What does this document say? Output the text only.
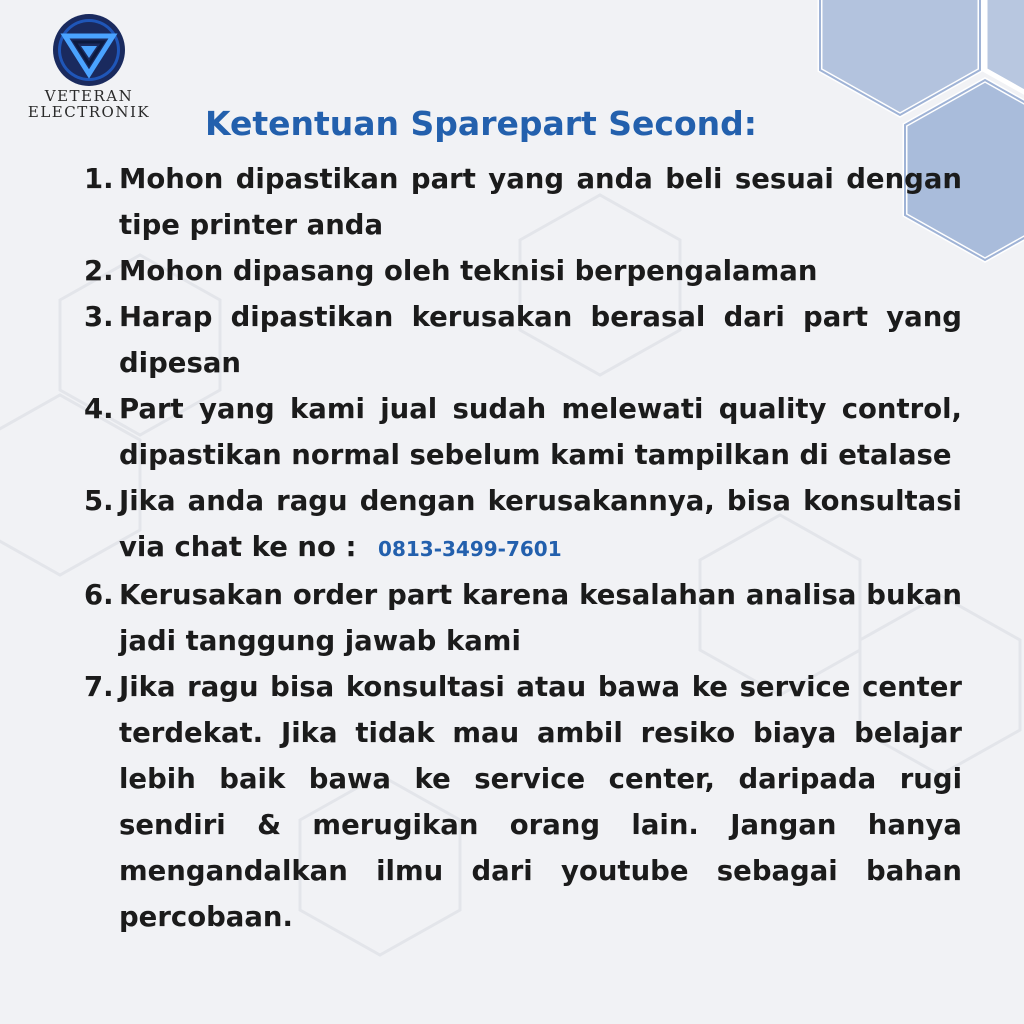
VETERAN
ELECTRONIK	Ketentuan Sparepart Second:
1. Mohon dipastikan part yang anda beli sesuai dengan tipe printer anda
2. Mohon dipasang oleh teknisi berpengalaman
3. Harap dipastikan kerusakan berasal dari part yang dipesan
4. Part yang kami jual sudah melewati quality control, dipastikan normal sebelum kami tampilkan di etalase
5. Jika anda ragu dengan kerusakannya, bisa konsultasi via chat ke no : 0813-3499-7601
6. Kerusakan order part karena kesalahan analisa bukan jadi tanggung jawab kami
7. Jika ragu bisa konsultasi atau bawa ke service center terdekat. Jika tidak mau ambil resiko biaya belajar lebih baik bawa ke service center, daripada rugi sendiri & merugikan orang lain. Jangan hanya mengandalkan ilmu dari youtube sebagai bahan percobaan.
